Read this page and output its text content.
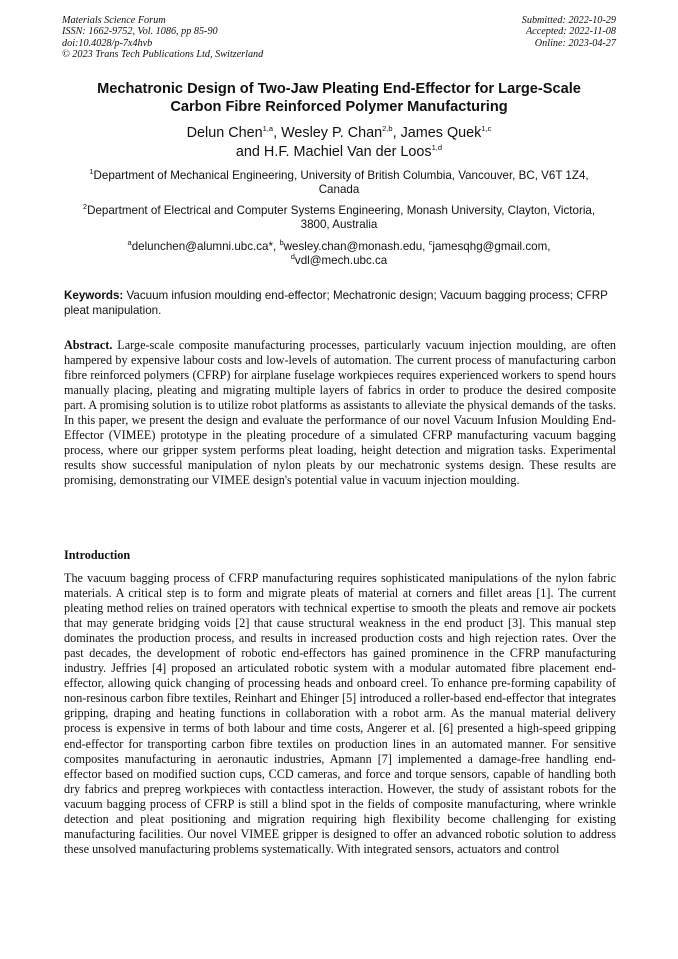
Materials Science Forum
ISSN: 1662-9752, Vol. 1086, pp 85-90
doi:10.4028/p-7x4hvb
© 2023 Trans Tech Publications Ltd, Switzerland
Submitted: 2022-10-29
Accepted: 2022-11-08
Online: 2023-04-27
Mechatronic Design of Two-Jaw Pleating End-Effector for Large-Scale
Carbon Fibre Reinforced Polymer Manufacturing
Delun Chen$^{1,a}$, Wesley P. Chan$^{2,b}$, James Quek$^{1,c}$
and H.F. Machiel Van der Loos$^{1,d}$
$^1$Department of Mechanical Engineering, University of British Columbia, Vancouver, BC, V6T 1Z4, Canada
$^2$Department of Electrical and Computer Systems Engineering, Monash University, Clayton, Victoria, 3800, Australia
$^a$delunchen@alumni.ubc.ca*, $^b$wesley.chan@monash.edu, $^c$jamesqhg@gmail.com,
$^d$vdl@mech.ubc.ca
Keywords: Vacuum infusion moulding end-effector; Mechatronic design; Vacuum bagging process; CFRP pleat manipulation.
Abstract. Large-scale composite manufacturing processes, particularly vacuum injection moulding, are often hampered by expensive labour costs and low-levels of automation. The current process of manufacturing carbon fibre reinforced polymers (CFRP) for airplane fuselage workpieces requires experienced workers to spend hours manually placing, pleating and migrating multiple layers of fabrics in order to produce the desired composite part. A promising solution is to utilize robot platforms as assistants to alleviate the physical demands of the tasks. In this paper, we present the design and evaluate the performance of our novel Vacuum Infusion Moulding End-Effector (VIMEE) prototype in the pleating procedure of a simulated CFRP manufacturing vacuum bagging process, where our gripper system performs pleat loading, height detection and migration tasks. Experimental results show successful manipulation of nylon pleats by our mechatronic systems design. These results are promising, demonstrating our VIMEE design's potential value in vacuum injection moulding.
Introduction
The vacuum bagging process of CFRP manufacturing requires sophisticated manipulations of the nylon fabric materials. A critical step is to form and migrate pleats of material at corners and fillet areas [1]. The current pleating method relies on trained operators with technical expertise to smooth the pleats and remove air pockets that may generate bridging voids [2] that cause structural weakness in the end product [3]. This manual step dominates the production process, and results in increased production costs and high rejection rates. Over the past decades, the development of robotic end-effectors has gained prominence in the CFRP manufacturing industry. Jeffries [4] proposed an articulated robotic system with a modular automated fibre placement end-effector, allowing quick changing of processing heads and onboard creel. To enhance pre-forming capability of non-resinous carbon fibre textiles, Reinhart and Ehinger [5] introduced a roller-based end-effector that integrates gripping, draping and heating functions in collaboration with a robot arm. As the manual material delivery process is expensive in terms of both labour and time costs, Angerer et al. [6] presented a high-speed gripping end-effector for transporting carbon fibre textiles on production lines in an automated manner. For sensitive composites manufacturing in aeronautic industries, Apmann [7] implemented a damage-free handling end-effector based on modified suction cups, CCD cameras, and force and torque sensors, capable of handling both dry fabrics and prepreg workpieces with contactless interaction. However, the study of assistant robots for the vacuum bagging process of CFRP is still a blind spot in the fields of composite manufacturing, where wrinkle detection and pleat positioning and migration requiring high flexibility become challenging for existing manufacturing facilities. Our novel VIMEE gripper is designed to offer an advanced robotic solution to address these unsolved manufacturing problems systematically. With integrated sensors, actuators and control
